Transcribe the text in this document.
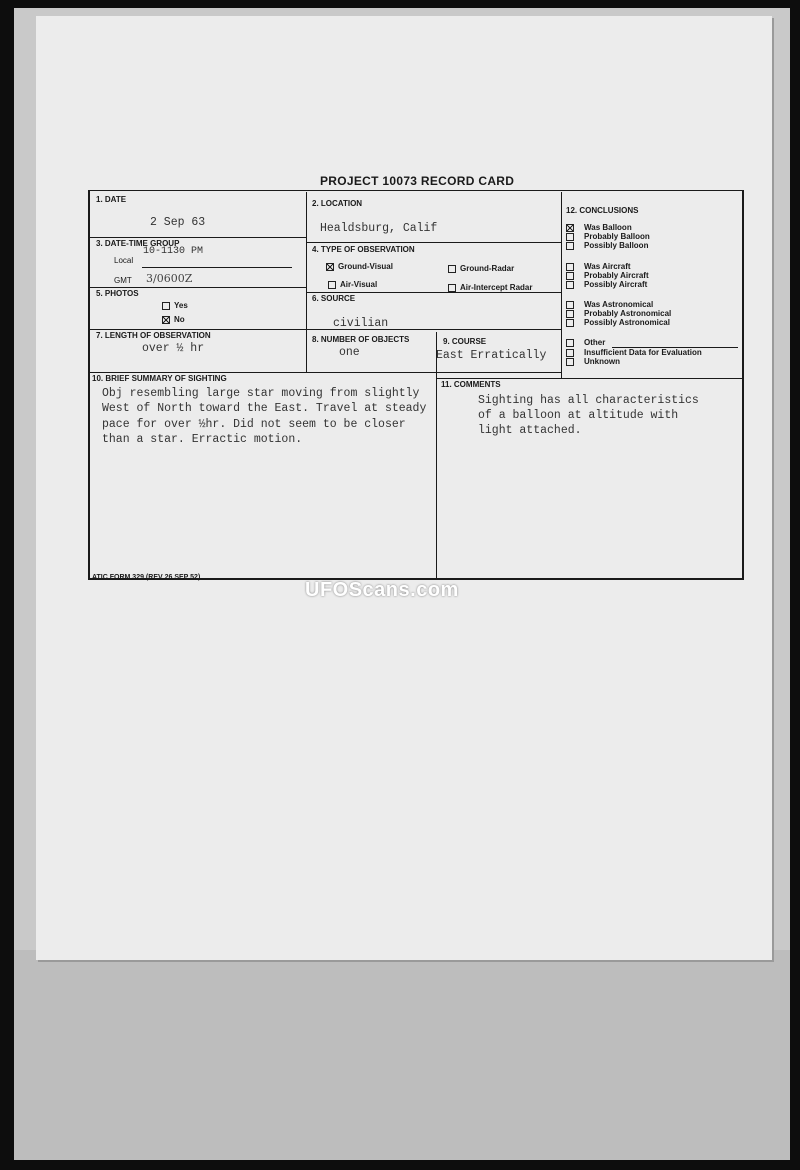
PROJECT 10073 RECORD CARD
1. DATE
2 Sep 63
2. LOCATION
Healdsburg, Calif
3. DATE-TIME GROUP
Local
10-1130 PM
GMT 3/0600Z
4. TYPE OF OBSERVATION
Ground-Visual	Ground-Radar
Air-Visual	Air-Intercept Radar
5. PHOTOS
Yes
No
6. SOURCE
civilian
7. LENGTH OF OBSERVATION
over ½ hr
8. NUMBER OF OBJECTS
one
9. COURSE
East Erratically
10. BRIEF SUMMARY OF SIGHTING
Obj resembling large star moving from slightly
West of North toward the East. Travel at steady
pace for over ½hr. Did not seem to be closer
than a star. Erractic motion.
11. COMMENTS
Sighting has all characteristics
of a balloon at altitude with
light attached.
12. CONCLUSIONS
Was Balloon
Probably Balloon
Possibly Balloon
Was Aircraft
Probably Aircraft
Possibly Aircraft
Was Astronomical
Probably Astronomical
Possibly Astronomical
Other
Insufficient Data for Evaluation
Unknown
ATIC FORM 329 (REV 26 SEP 52)
UFOScans.com
